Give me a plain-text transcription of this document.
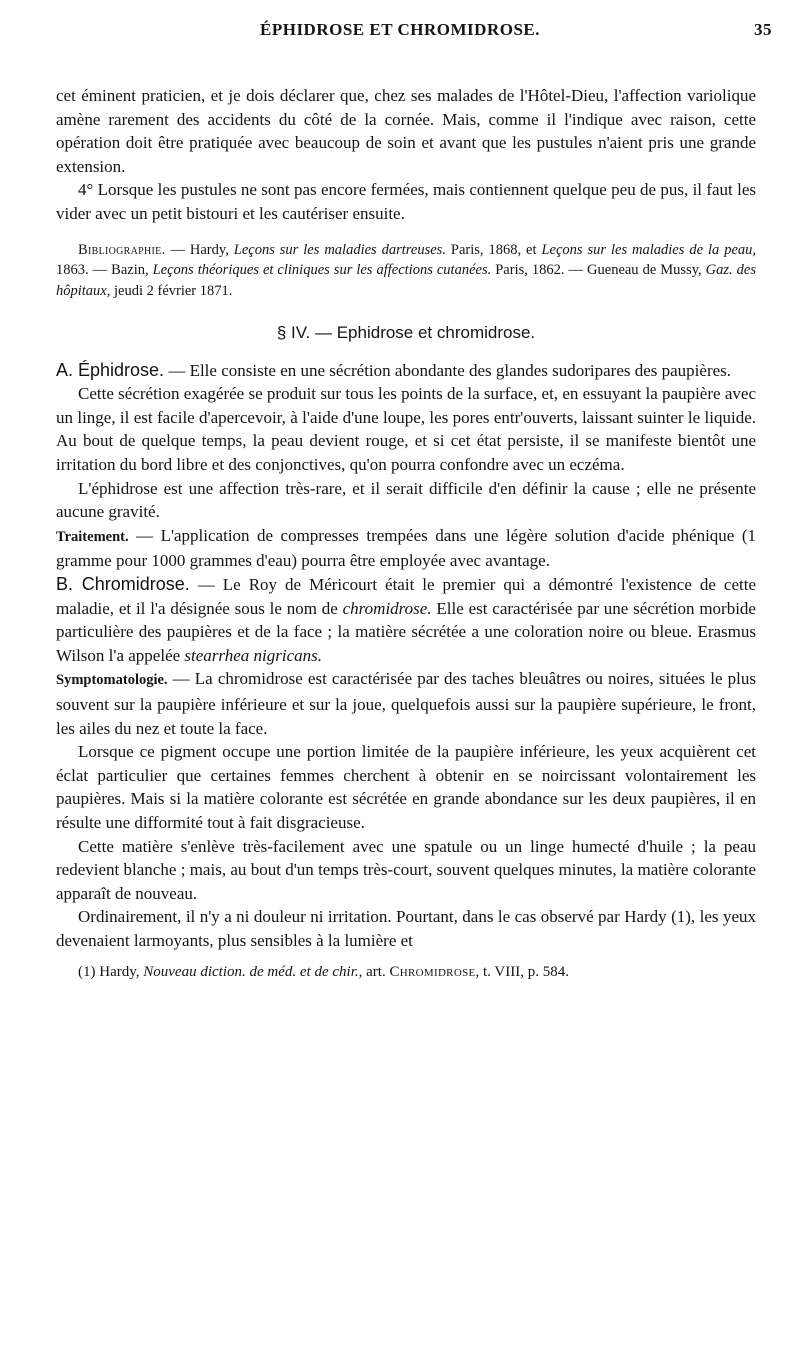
ÉPHIDROSE ET CHROMIDROSE.	35

cet éminent praticien, et je dois déclarer que, chez ses malades de l'Hôtel-Dieu, l'affection variolique amène rarement des accidents du côté de la cornée. Mais, comme il l'indique avec raison, cette opération doit être pratiquée avec beaucoup de soin et avant que les pustules n'aient pris une grande extension.

4° Lorsque les pustules ne sont pas encore fermées, mais contiennent quelque peu de pus, il faut les vider avec un petit bistouri et les cautériser ensuite.

Bibliographie. — Hardy, Leçons sur les maladies dartreuses. Paris, 1868, et Leçons sur les maladies de la peau, 1863. — Bazin, Leçons théoriques et cliniques sur les affections cutanées. Paris, 1862. — Gueneau de Mussy, Gaz. des hôpitaux, jeudi 2 février 1871.

§ IV. — Ephidrose et chromidrose.

A. Éphidrose. — Elle consiste en une sécrétion abondante des glandes sudoripares des paupières.

Cette sécrétion exagérée se produit sur tous les points de la surface, et, en essuyant la paupière avec un linge, il est facile d'apercevoir, à l'aide d'une loupe, les pores entr'ouverts, laissant suinter le liquide. Au bout de quelque temps, la peau devient rouge, et si cet état persiste, il se manifeste bientôt une irritation du bord libre et des conjonctives, qu'on pourra confondre avec un eczéma.

L'éphidrose est une affection très-rare, et il serait difficile d'en définir la cause ; elle ne présente aucune gravité.

Traitement. — L'application de compresses trempées dans une légère solution d'acide phénique (1 gramme pour 1000 grammes d'eau) pourra être employée avec avantage.

B. Chromidrose. — Le Roy de Méricourt était le premier qui a démontré l'existence de cette maladie, et il l'a désignée sous le nom de chromidrose. Elle est caractérisée par une sécrétion morbide particulière des paupières et de la face ; la matière sécrétée a une coloration noire ou bleue. Erasmus Wilson l'a appelée stearrhea nigricans.

Symptomatologie. — La chromidrose est caractérisée par des taches bleuâtres ou noires, situées le plus souvent sur la paupière inférieure et sur la joue, quelquefois aussi sur la paupière supérieure, le front, les ailes du nez et toute la face.

Lorsque ce pigment occupe une portion limitée de la paupière inférieure, les yeux acquièrent cet éclat particulier que certaines femmes cherchent à obtenir en se noircissant volontairement les paupières. Mais si la matière colorante est sécrétée en grande abondance sur les deux paupières, il en résulte une difformité tout à fait disgracieuse.

Cette matière s'enlève très-facilement avec une spatule ou un linge humecté d'huile ; la peau redevient blanche ; mais, au bout d'un temps très-court, souvent quelques minutes, la matière colorante apparaît de nouveau.

Ordinairement, il n'y a ni douleur ni irritation. Pourtant, dans le cas observé par Hardy (1), les yeux devenaient larmoyants, plus sensibles à la lumière et

(1) Hardy, Nouveau diction. de méd. et de chir., art. Chromidrose, t. VIII, p. 584.
